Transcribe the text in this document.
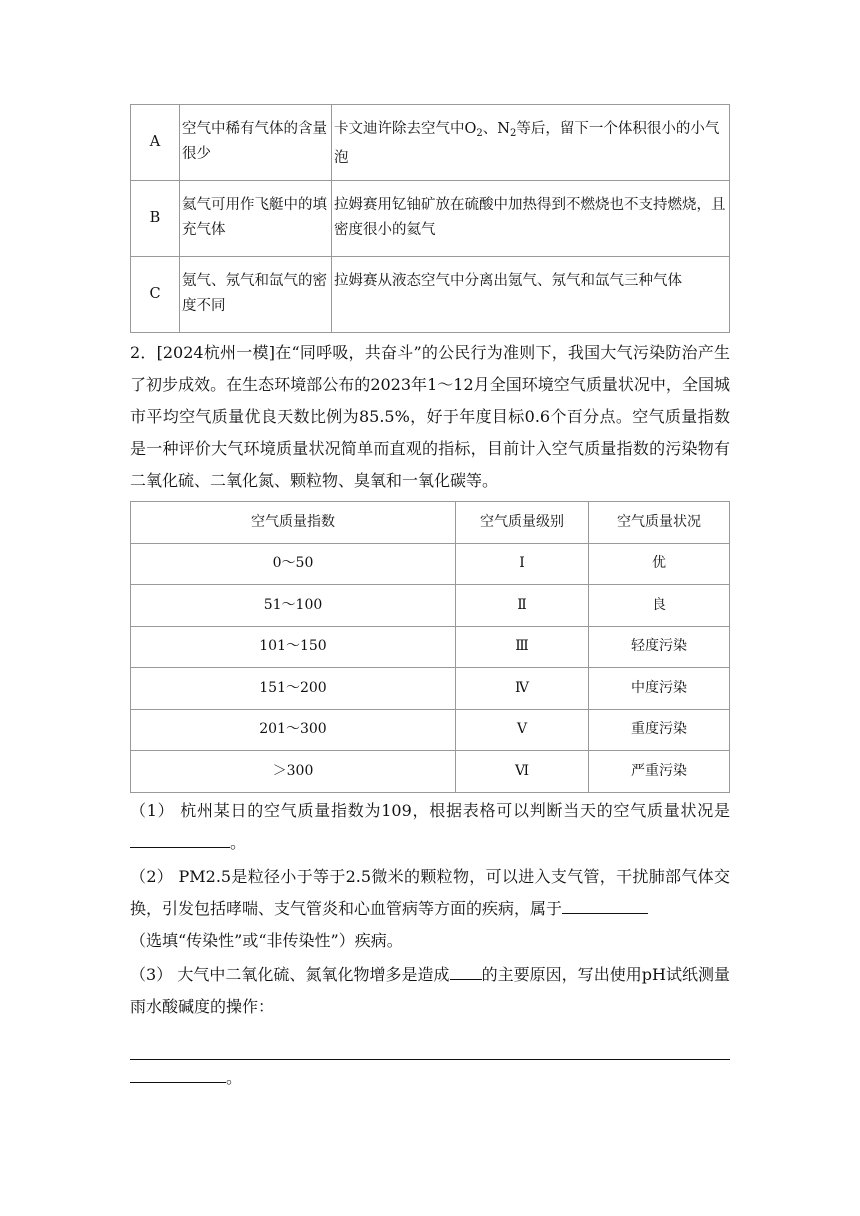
A	空气中稀有气体的含量很少	卡文迪许除去空气中$O_2$、$N_2$等后，留下一个体积很小的小气泡
B	氦气可用作飞艇中的填充气体	拉姆赛用钇铀矿放在硫酸中加热得到不燃烧也不支持燃烧，且密度很小的氦气
C	氪气、氖气和氙气的密度不同	拉姆赛从液态空气中分离出氪气、氖气和氙气三种气体
2．[2024杭州一模]在“同呼吸，共奋斗”的公民行为准则下，我国大气污染防治产生了初步成效。在生态环境部公布的2023年1～12月全国环境空气质量状况中，全国城市平均空气质量优良天数比例为85.5%，好于年度目标0.6个百分点。空气质量指数是一种评价大气环境质量状况简单而直观的指标，目前计入空气质量指数的污染物有二氧化硫、二氧化氮、颗粒物、臭氧和一氧化碳等。
空气质量指数	空气质量级别	空气质量状况
0～50	Ⅰ	优
51～100	Ⅱ	良
101～150	Ⅲ	轻度污染
151～200	Ⅳ	中度污染
201～300	Ⅴ	重度污染
＞300	Ⅵ	严重污染
（1） 杭州某日的空气质量指数为109，根据表格可以判断当天的空气质量状况是。
（2） PM2.5是粒径小于等于2.5微米的颗粒物，可以进入支气管，干扰肺部气体交换，引发包括哮喘、支气管炎和心血管病等方面的疾病，属于
（选填“传染性”或“非传染性”）疾病。
（3） 大气中二氧化硫、氮氧化物增多是造成 的主要原因，写出使用pH试纸测量雨水酸碱度的操作：
。
